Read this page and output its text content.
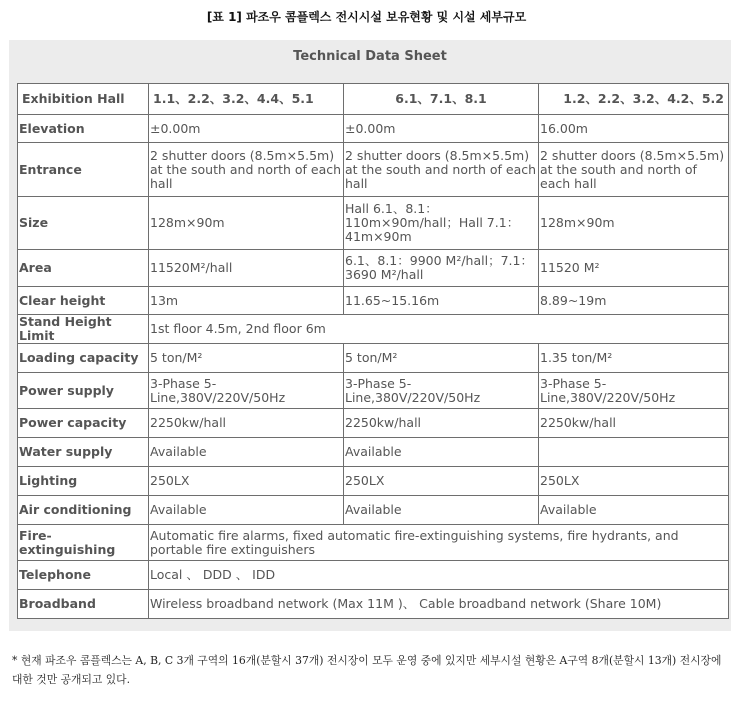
[표 1] 파조우 콤플렉스 전시시설 보유현황 및 시설 세부규모
Technical Data Sheet
Exhibition Hall	1.1、2.2、3.2、4.4、5.1	6.1、7.1、8.1	1.2、2.2、3.2、4.2、5.2
Elevation	±0.00m	±0.00m	16.00m
Entrance	2 shutter doors (8.5m×5.5m) at the south and north of each hall	2 shutter doors (8.5m×5.5m) at the south and north of each hall	2 shutter doors (8.5m×5.5m) at the south and north of each hall
Size	128m×90m	Hall 6.1、8.1：110m×90m/hall；Hall 7.1：41m×90m	128m×90m
Area	11520M²/hall	6.1、8.1：9900 M²/hall；7.1：3690 M²/hall	11520 M²
Clear height	13m	11.65~15.16m	8.89~19m
Stand Height Limit	1st floor 4.5m, 2nd floor 6m		
Loading capacity	5 ton/M²	5 ton/M²	1.35 ton/M²
Power supply	3-Phase 5-Line,380V/220V/50Hz	3-Phase 5-Line,380V/220V/50Hz	3-Phase 5-Line,380V/220V/50Hz
Power capacity	2250kw/hall	2250kw/hall	2250kw/hall
Water supply	Available	Available	
Lighting	250LX	250LX	250LX
Air conditioning	Available	Available	Available
Fire-extinguishing	Automatic fire alarms, fixed automatic fire-extinguishing systems, fire hydrants, and portable fire extinguishers		
Telephone	Local 、 DDD 、 IDD		
Broadband	Wireless broadband network (Max 11M )、 Cable broadband network (Share 10M)		
* 현재 파조우 콤플렉스는 A, B, C 3개 구역의 16개(분할시 37개) 전시장이 모두 운영 중에 있지만 세부시설 현황은 A구역 8개(분할시 13개) 전시장에 대한 것만 공개되고 있다.
